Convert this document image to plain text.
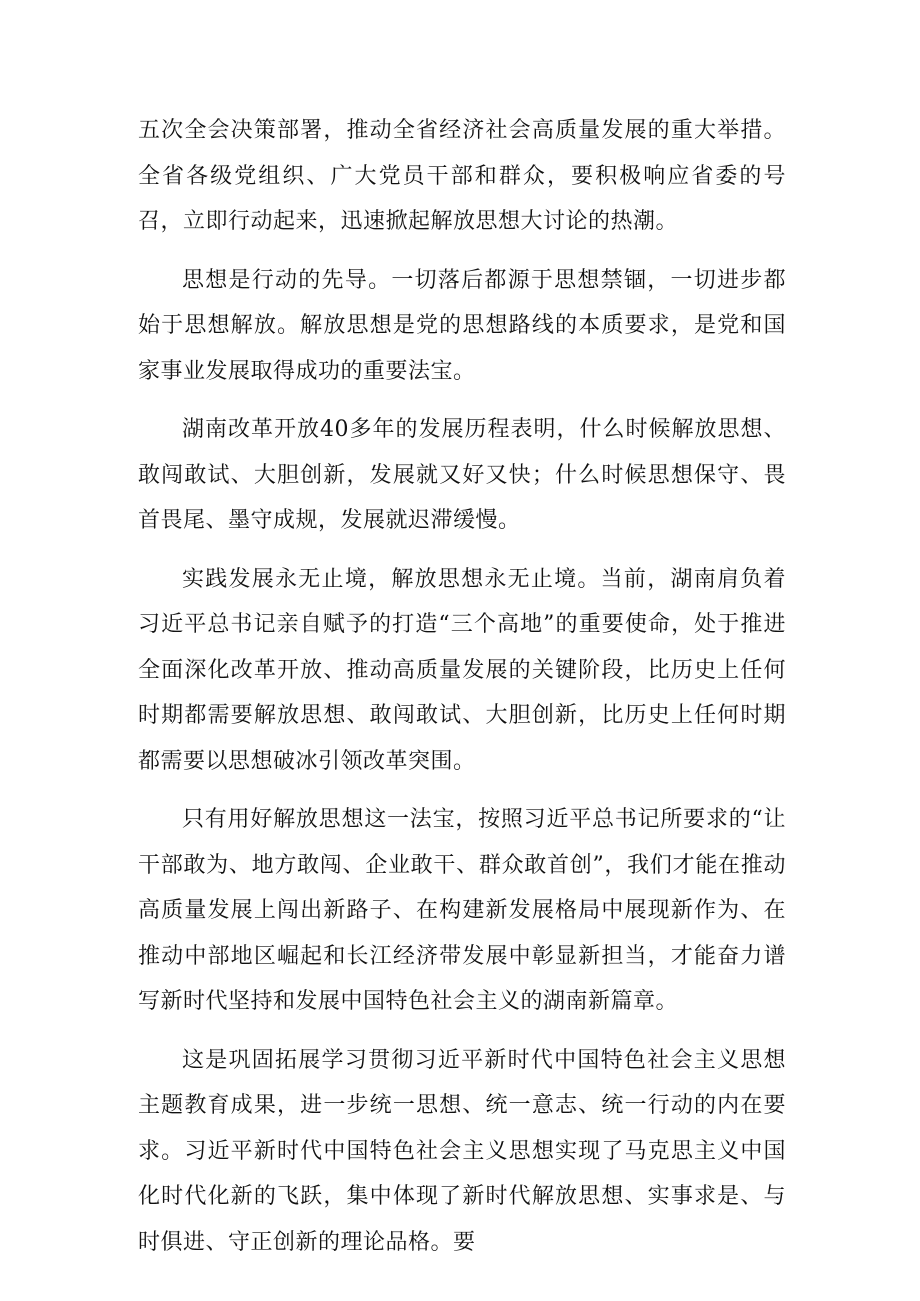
五次全会决策部署，推动全省经济社会高质量发展的重大举措。全省各级党组织、广大党员干部和群众，要积极响应省委的号召，立即行动起来，迅速掀起解放思想大讨论的热潮。

思想是行动的先导。一切落后都源于思想禁锢，一切进步都始于思想解放。解放思想是党的思想路线的本质要求，是党和国家事业发展取得成功的重要法宝。

湖南改革开放40多年的发展历程表明，什么时候解放思想、敢闯敢试、大胆创新，发展就又好又快；什么时候思想保守、畏首畏尾、墨守成规，发展就迟滞缓慢。

实践发展永无止境，解放思想永无止境。当前，湖南肩负着习近平总书记亲自赋予的打造“三个高地”的重要使命，处于推进全面深化改革开放、推动高质量发展的关键阶段，比历史上任何时期都需要解放思想、敢闯敢试、大胆创新，比历史上任何时期都需要以思想破冰引领改革突围。

只有用好解放思想这一法宝，按照习近平总书记所要求的“让干部敢为、地方敢闯、企业敢干、群众敢首创”，我们才能在推动高质量发展上闯出新路子、在构建新发展格局中展现新作为、在推动中部地区崛起和长江经济带发展中彰显新担当，才能奋力谱写新时代坚持和发展中国特色社会主义的湖南新篇章。

这是巩固拓展学习贯彻习近平新时代中国特色社会主义思想主题教育成果，进一步统一思想、统一意志、统一行动的内在要求。习近平新时代中国特色社会主义思想实现了马克思主义中国化时代化新的飞跃，集中体现了新时代解放思想、实事求是、与时俱进、守正创新的理论品格。要
